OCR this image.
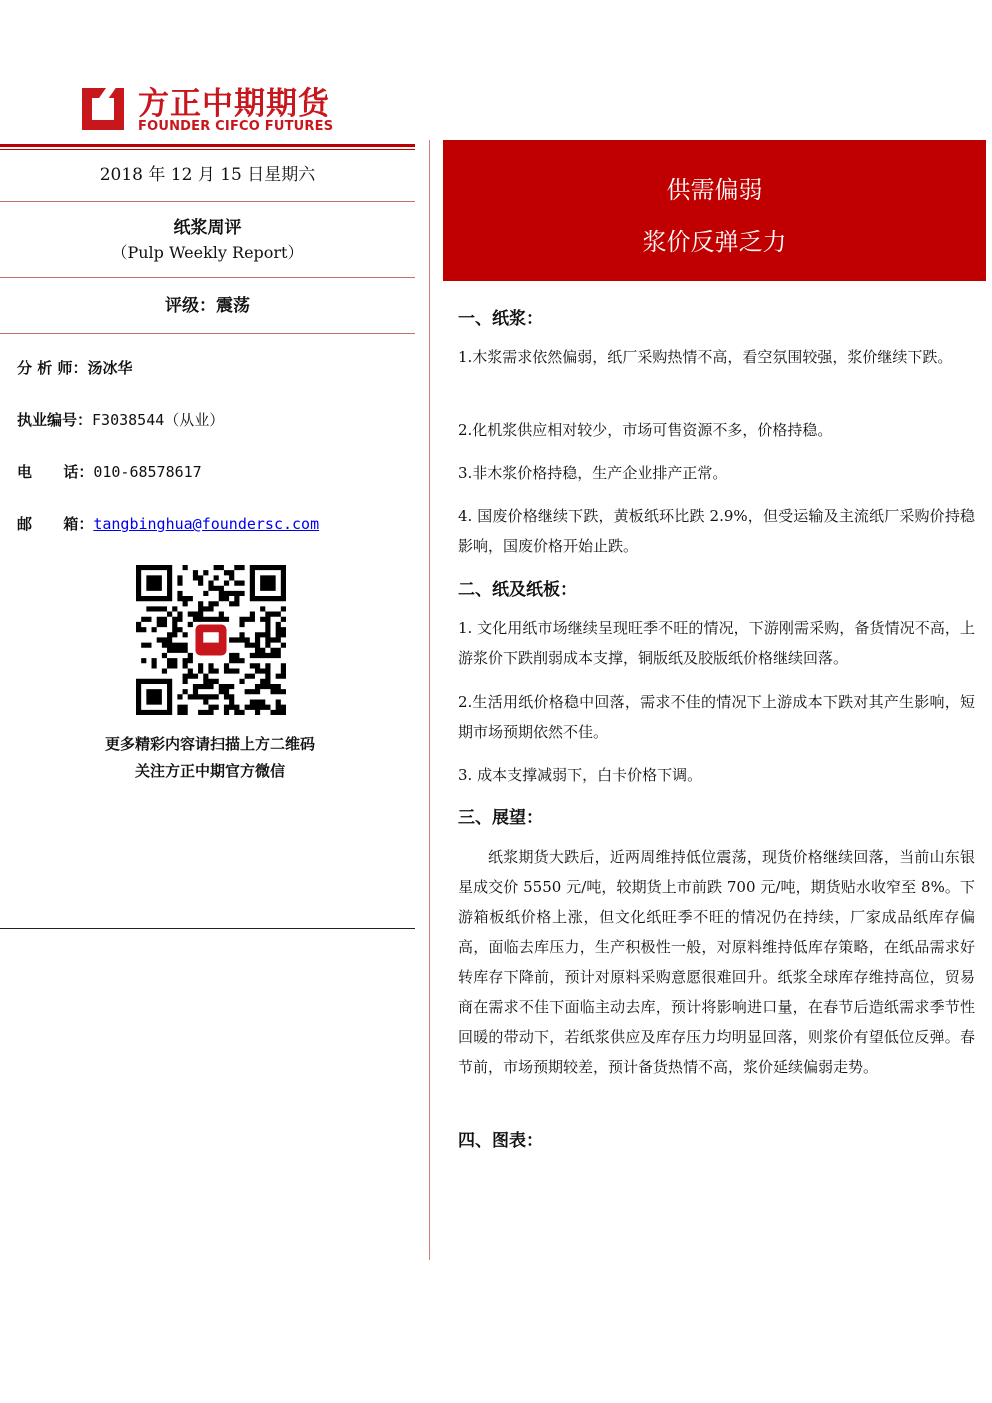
方正中期期货
FOUNDER CIFCO FUTURES
2018 年 12 月 15 日星期六
纸浆周评
（Pulp Weekly Report）
评级：震荡
分 析 师：汤冰华
执业编号：F3038544（从业）
电      话：010-68578617
邮      箱：tangbinghua@foundersc.com
更多精彩内容请扫描上方二维码
关注方正中期官方微信
供需偏弱
浆价反弹乏力
一、纸浆：
1.木浆需求依然偏弱，纸厂采购热情不高，看空氛围较强，浆价继续下跌。
2.化机浆供应相对较少，市场可售资源不多，价格持稳。
3.非木浆价格持稳，生产企业排产正常。
4. 国废价格继续下跌，黄板纸环比跌 2.9%，但受运输及主流纸厂采购价持稳影响，国废价格开始止跌。
二、纸及纸板：
1. 文化用纸市场继续呈现旺季不旺的情况，下游刚需采购，备货情况不高，上游浆价下跌削弱成本支撑，铜版纸及胶版纸价格继续回落。
2.生活用纸价格稳中回落，需求不佳的情况下上游成本下跌对其产生影响，短期市场预期依然不佳。
3. 成本支撑减弱下，白卡价格下调。
三、展望：
纸浆期货大跌后，近两周维持低位震荡，现货价格继续回落，当前山东银星成交价 5550 元/吨，较期货上市前跌 700 元/吨，期货贴水收窄至 8%。下游箱板纸价格上涨，但文化纸旺季不旺的情况仍在持续，厂家成品纸库存偏高，面临去库压力，生产积极性一般，对原料维持低库存策略，在纸品需求好转库存下降前，预计对原料采购意愿很难回升。纸浆全球库存维持高位，贸易商在需求不佳下面临主动去库，预计将影响进口量，在春节后造纸需求季节性回暖的带动下，若纸浆供应及库存压力均明显回落，则浆价有望低位反弹。春节前，市场预期较差，预计备货热情不高，浆价延续偏弱走势。
四、图表：
